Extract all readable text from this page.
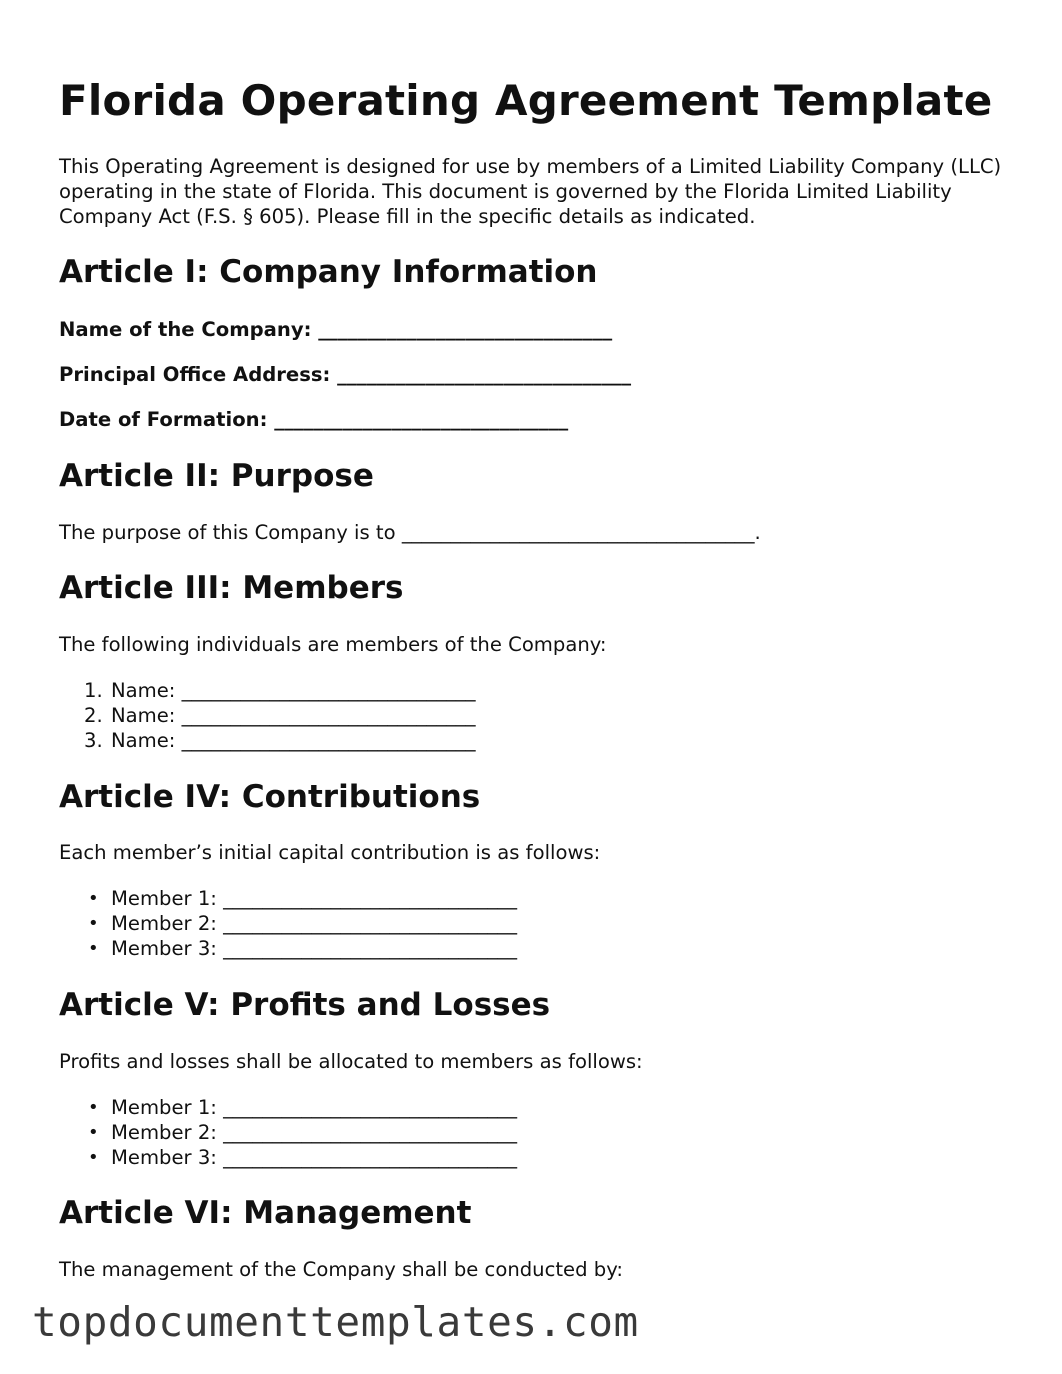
Florida Operating Agreement Template

This Operating Agreement is designed for use by members of a Limited Liability Company (LLC) operating in the state of Florida. This document is governed by the Florida Limited Liability Company Act (F.S. § 605). Please fill in the specific details as indicated.

Article I: Company Information

Name of the Company: ______________________________

Principal Office Address: ______________________________

Date of Formation: ______________________________

Article II: Purpose

The purpose of this Company is to ____________________________________.

Article III: Members

The following individuals are members of the Company:

1. Name: ______________________________
2. Name: ______________________________
3. Name: ______________________________
Article IV: Contributions

Each member’s initial capital contribution is as follows:

• Member 1: ______________________________
• Member 2: ______________________________
• Member 3: ______________________________
Article V: Profits and Losses

Profits and losses shall be allocated to members as follows:

• Member 1: ______________________________
• Member 2: ______________________________
• Member 3: ______________________________
Article VI: Management

The management of the Company shall be conducted by:

topdocumenttemplates.com
